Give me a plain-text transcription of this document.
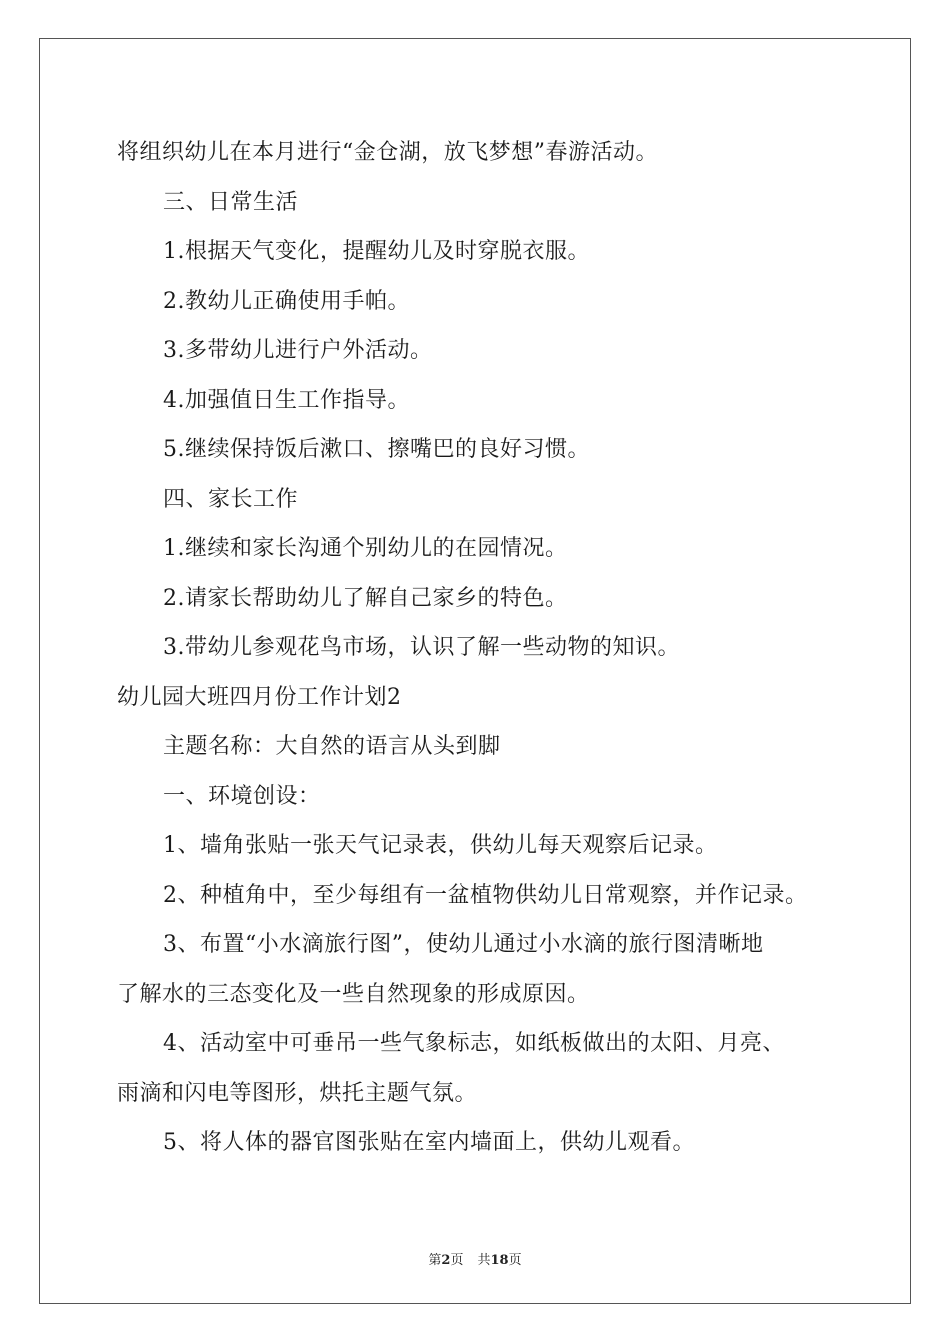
将组织幼儿在本月进行“金仓湖，放飞梦想”春游活动。
三、日常生活
1.根据天气变化，提醒幼儿及时穿脱衣服。
2.教幼儿正确使用手帕。
3.多带幼儿进行户外活动。
4.加强值日生工作指导。
5.继续保持饭后漱口、擦嘴巴的良好习惯。
四、家长工作
1.继续和家长沟通个别幼儿的在园情况。
2.请家长帮助幼儿了解自己家乡的特色。
3.带幼儿参观花鸟市场，认识了解一些动物的知识。
幼儿园大班四月份工作计划2
主题名称：大自然的语言从头到脚
一、环境创设：
1、墙角张贴一张天气记录表，供幼儿每天观察后记录。
2、种植角中，至少每组有一盆植物供幼儿日常观察，并作记录。
3、布置“小水滴旅行图”，使幼儿通过小水滴的旅行图清晰地
了解水的三态变化及一些自然现象的形成原因。
4、活动室中可垂吊一些气象标志，如纸板做出的太阳、月亮、
雨滴和闪电等图形，烘托主题气氛。
5、将人体的器官图张贴在室内墙面上，供幼儿观看。
第2页 共18页
